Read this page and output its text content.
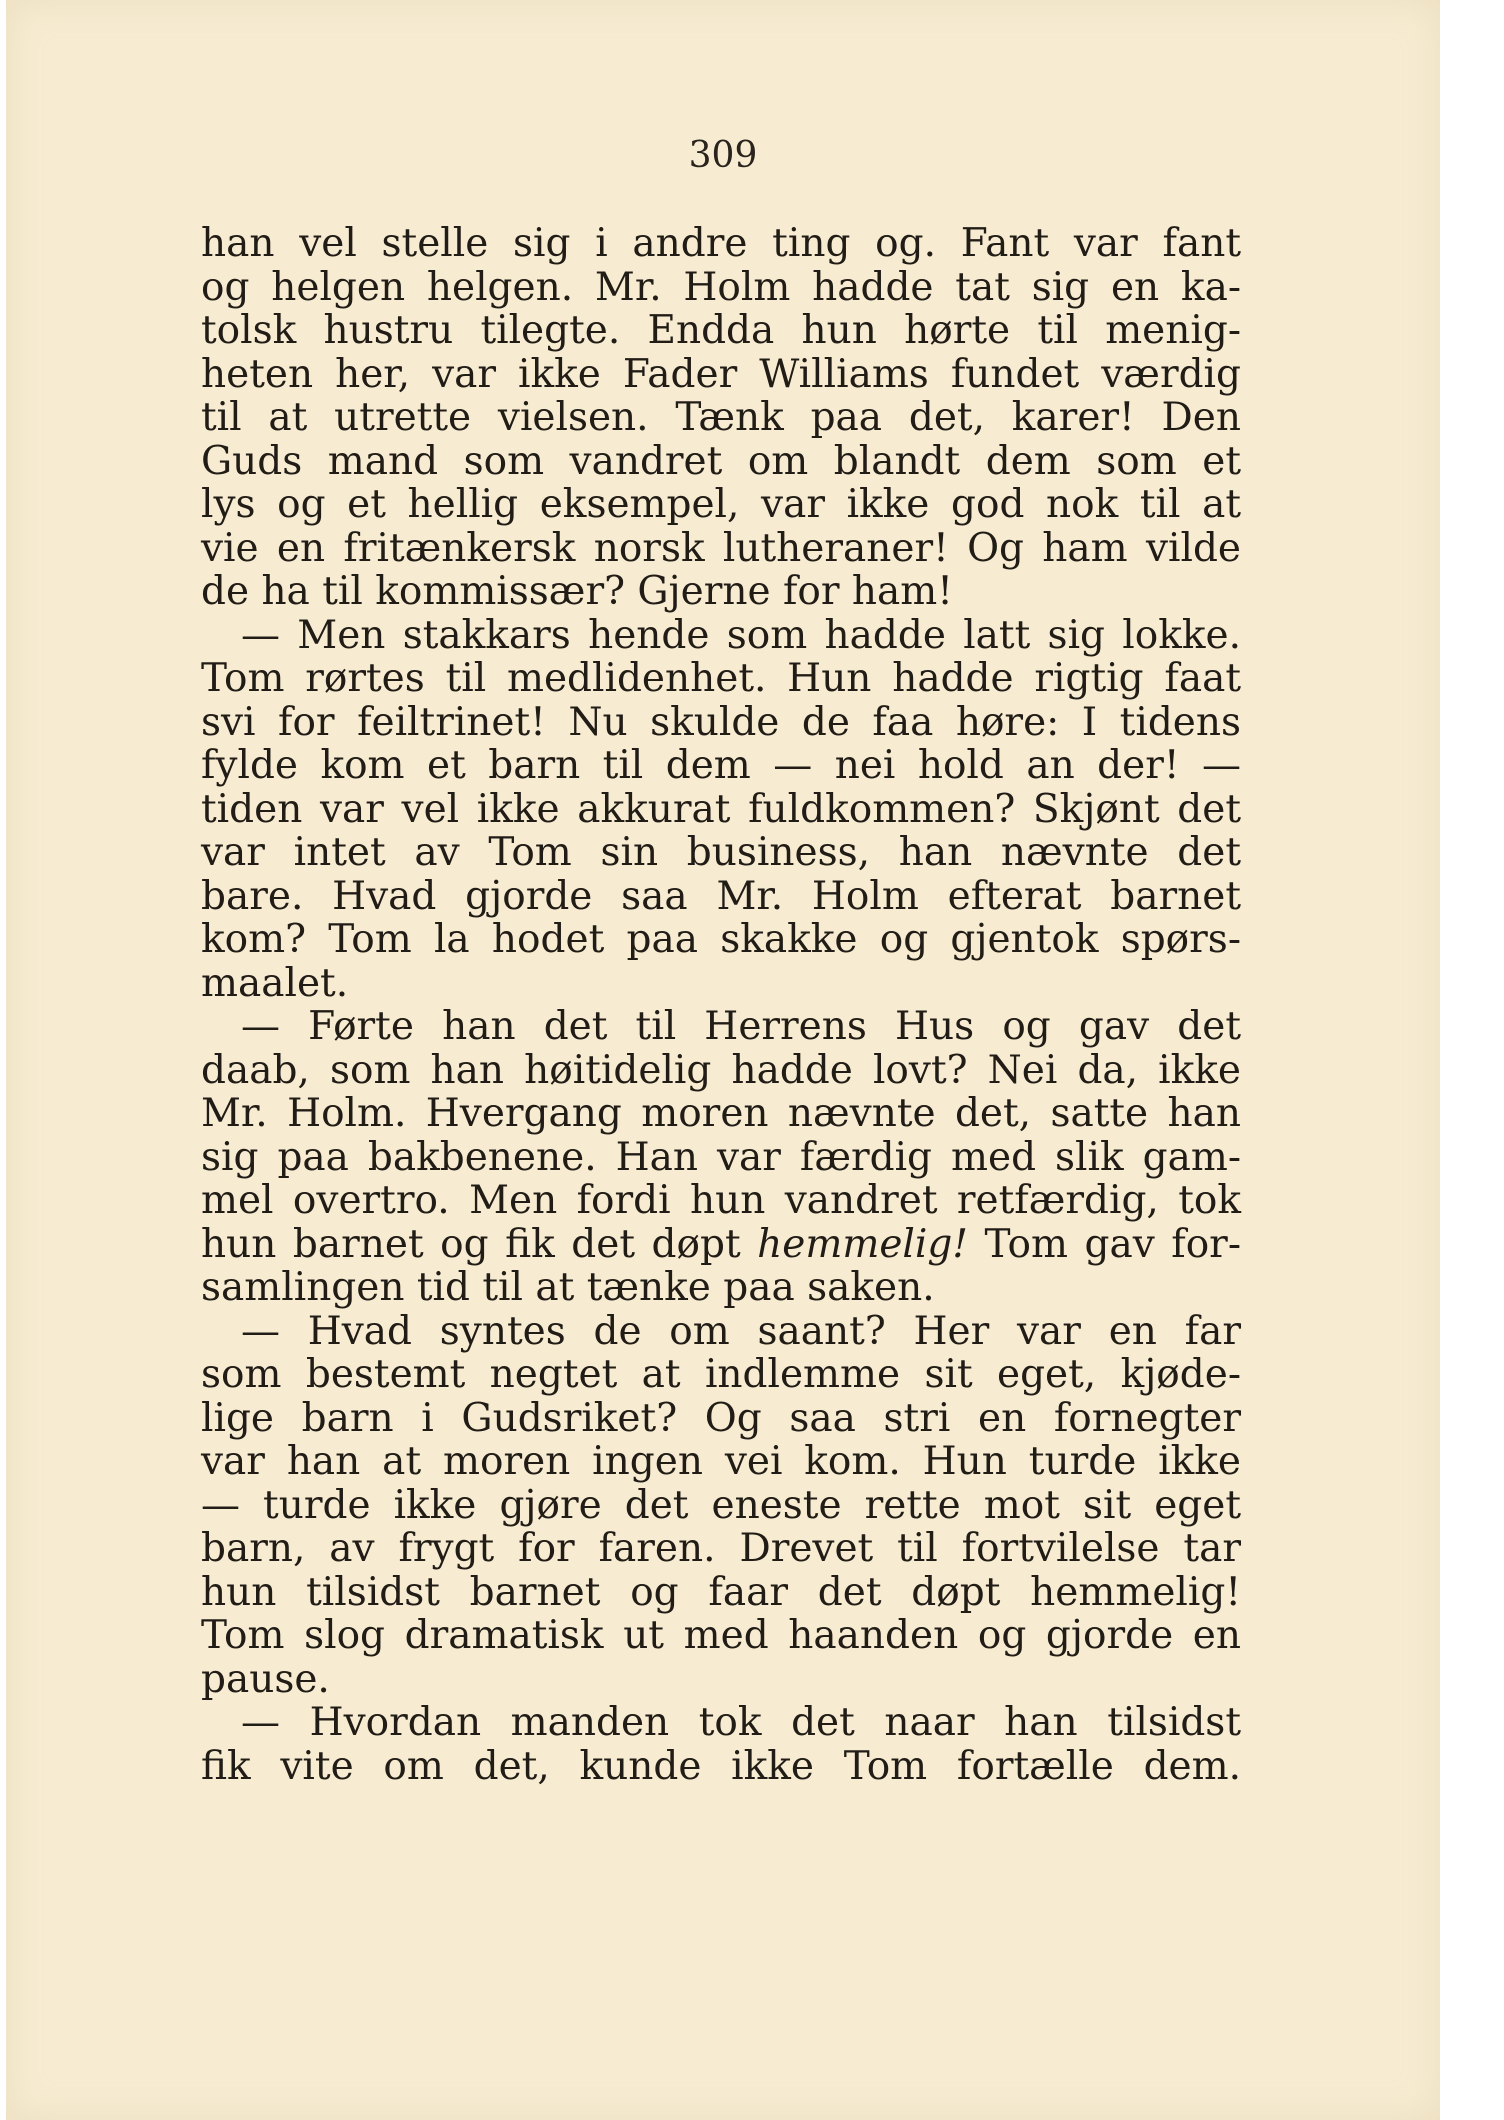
309
han vel stelle sig i andre ting og. Fant var fant
og helgen helgen. Mr. Holm hadde tat sig en ka-
tolsk hustru tilegte. Endda hun hørte til menig-
heten her, var ikke Fader Williams fundet værdig
til at utrette vielsen. Tænk paa det, karer! Den
Guds mand som vandret om blandt dem som et
lys og et hellig eksempel, var ikke god nok til at
vie en fritænkersk norsk lutheraner! Og ham vilde
de ha til kommissær? Gjerne for ham!
— Men stakkars hende som hadde latt sig lokke.
Tom rørtes til medlidenhet. Hun hadde rigtig faat
svi for feiltrinet! Nu skulde de faa høre: I tidens
fylde kom et barn til dem — nei hold an der! —
tiden var vel ikke akkurat fuldkommen? Skjønt det
var intet av Tom sin business, han nævnte det
bare. Hvad gjorde saa Mr. Holm efterat barnet
kom? Tom la hodet paa skakke og gjentok spørs-
maalet.
— Førte han det til Herrens Hus og gav det
daab, som han høitidelig hadde lovt? Nei da, ikke
Mr. Holm. Hvergang moren nævnte det, satte han
sig paa bakbenene. Han var færdig med slik gam-
mel overtro. Men fordi hun vandret retfærdig, tok
hun barnet og fik det døpt hemmelig! Tom gav for-
samlingen tid til at tænke paa saken.
— Hvad syntes de om saant? Her var en far
som bestemt negtet at indlemme sit eget, kjøde-
lige barn i Gudsriket? Og saa stri en fornegter
var han at moren ingen vei kom. Hun turde ikke
— turde ikke gjøre det eneste rette mot sit eget
barn, av frygt for faren. Drevet til fortvilelse tar
hun tilsidst barnet og faar det døpt hemmelig!
Tom slog dramatisk ut med haanden og gjorde en
pause.
— Hvordan manden tok det naar han tilsidst
fik vite om det, kunde ikke Tom fortælle dem.
